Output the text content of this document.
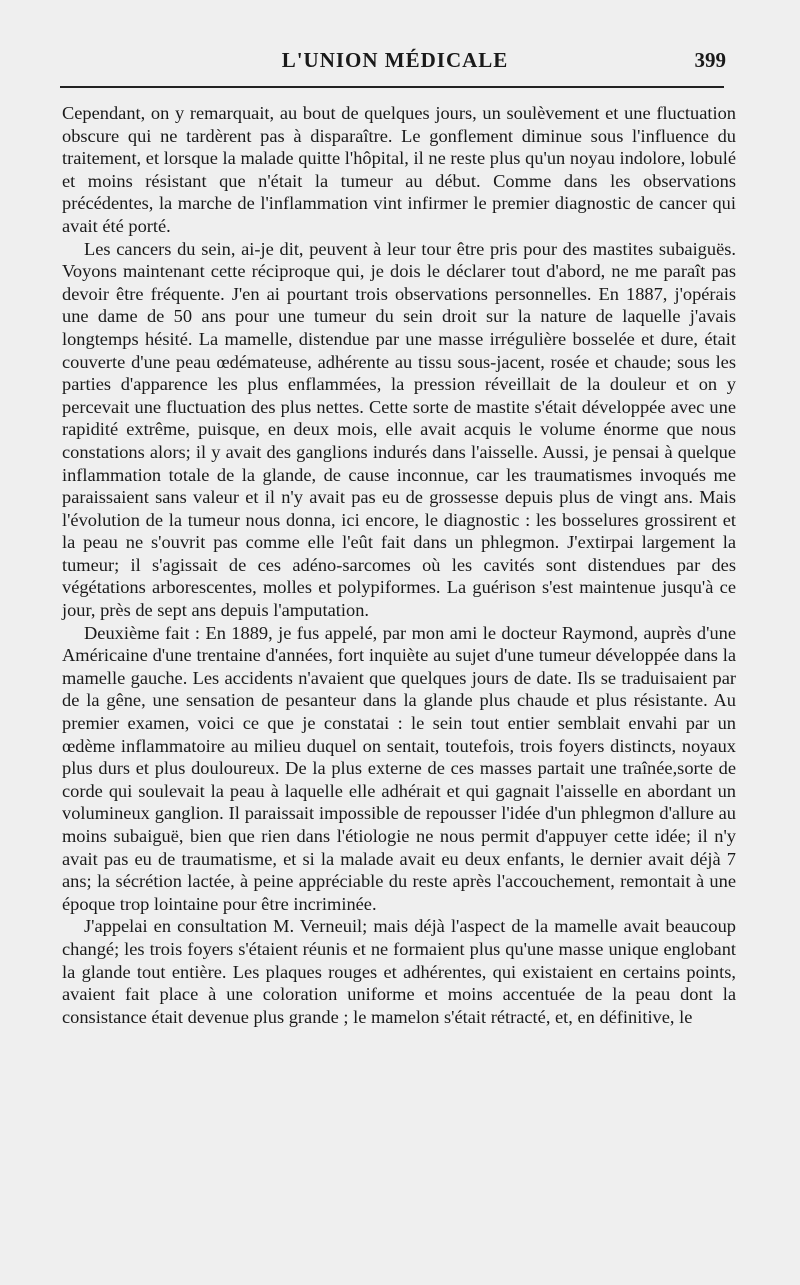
L'UNION MÉDICALE	399

Cependant, on y remarquait, au bout de quelques jours, un soulèvement et une fluctuation obscure qui ne tardèrent pas à disparaître. Le gonflement diminue sous l'influence du traitement, et lorsque la malade quitte l'hôpital, il ne reste plus qu'un noyau indolore, lobulé et moins résistant que n'était la tumeur au début. Comme dans les observations précédentes, la marche de l'inflammation vint infirmer le premier diagnostic de cancer qui avait été porté.

Les cancers du sein, ai-je dit, peuvent à leur tour être pris pour des mastites subaiguës. Voyons maintenant cette réciproque qui, je dois le déclarer tout d'abord, ne me paraît pas devoir être fréquente. J'en ai pourtant trois observations personnelles. En 1887, j'opérais une dame de 50 ans pour une tumeur du sein droit sur la nature de laquelle j'avais longtemps hésité. La mamelle, distendue par une masse irrégulière bosselée et dure, était couverte d'une peau œdémateuse, adhérente au tissu sous-jacent, rosée et chaude; sous les parties d'apparence les plus enflammées, la pression réveillait de la douleur et on y percevait une fluctuation des plus nettes. Cette sorte de mastite s'était développée avec une rapidité extrême, puisque, en deux mois, elle avait acquis le volume énorme que nous constations alors; il y avait des ganglions indurés dans l'aisselle. Aussi, je pensai à quelque inflammation totale de la glande, de cause inconnue, car les traumatismes invoqués me paraissaient sans valeur et il n'y avait pas eu de grossesse depuis plus de vingt ans. Mais l'évolution de la tumeur nous donna, ici encore, le diagnostic : les bosselures grossirent et la peau ne s'ouvrit pas comme elle l'eût fait dans un phlegmon. J'extirpai largement la tumeur; il s'agissait de ces adéno-sarcomes où les cavités sont distendues par des végétations arborescentes, molles et polypiformes. La guérison s'est maintenue jusqu'à ce jour, près de sept ans depuis l'amputation.

Deuxième fait : En 1889, je fus appelé, par mon ami le docteur Raymond, auprès d'une Américaine d'une trentaine d'années, fort inquiète au sujet d'une tumeur développée dans la mamelle gauche. Les accidents n'avaient que quelques jours de date. Ils se traduisaient par de la gêne, une sensation de pesanteur dans la glande plus chaude et plus résistante. Au premier examen, voici ce que je constatai : le sein tout entier semblait envahi par un œdème inflammatoire au milieu duquel on sentait, toutefois, trois foyers distincts, noyaux plus durs et plus douloureux. De la plus externe de ces masses partait une traînée,sorte de corde qui soulevait la peau à laquelle elle adhérait et qui gagnait l'aisselle en abordant un volumineux ganglion. Il paraissait impossible de repousser l'idée d'un phlegmon d'allure au moins subaiguë, bien que rien dans l'étiologie ne nous permit d'appuyer cette idée; il n'y avait pas eu de traumatisme, et si la malade avait eu deux enfants, le dernier avait déjà 7 ans; la sécrétion lactée, à peine appréciable du reste après l'accouchement, remontait à une époque trop lointaine pour être incriminée.

J'appelai en consultation M. Verneuil; mais déjà l'aspect de la mamelle avait beaucoup changé; les trois foyers s'étaient réunis et ne formaient plus qu'une masse unique englobant la glande tout entière. Les plaques rouges et adhérentes, qui existaient en certains points, avaient fait place à une coloration uniforme et moins accentuée de la peau dont la consistance était devenue plus grande ; le mamelon s'était rétracté, et, en définitive, le
